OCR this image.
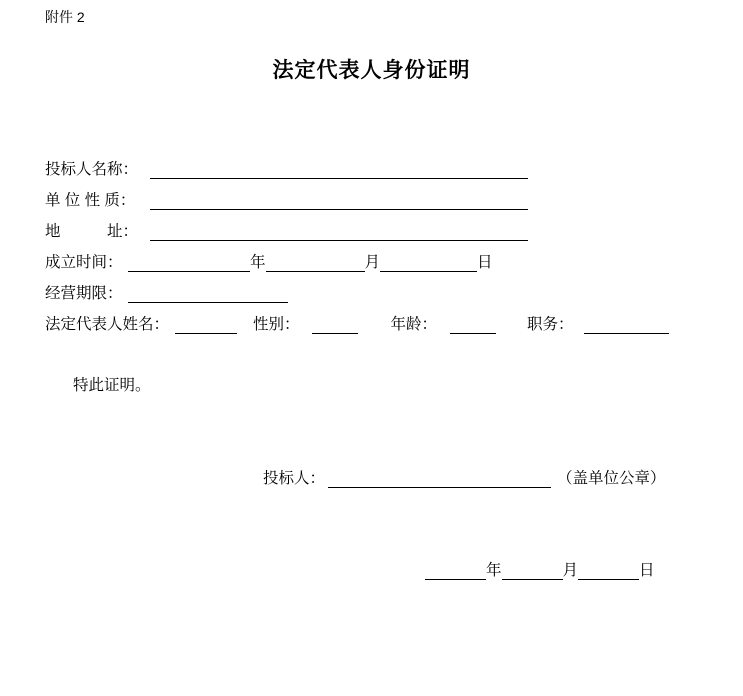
附件 2
法定代表人身份证明
投标人名称：
单 位 性 质：
地　　　址：
成立时间：	年	月	日
经营期限：
法定代表人姓名：	性别：	年龄：	职务：
特此证明。
投标人：	（盖单位公章）
年	月	日
